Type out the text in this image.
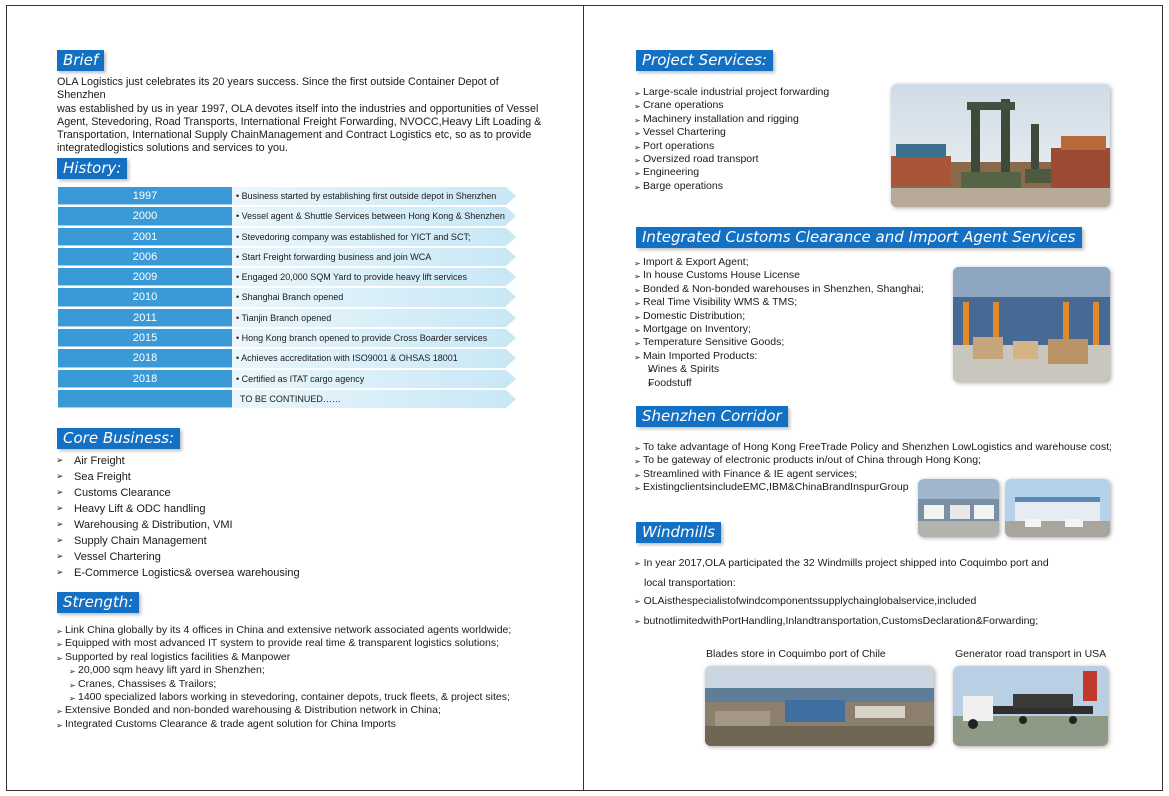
Brief
OLA Logistics just celebrates its 20 years success. Since the first outside Container Depot of Shenzhen
was established by us in year 1997, OLA devotes itself into the industries and opportunities of Vessel
Agent, Stevedoring, Road Transports, International Freight Forwarding, NVOCC,Heavy Lift Loading &
Transportation, International Supply ChainManagement and Contract Logistics etc, so as to provide
integratedlogistics solutions and services to you.
History:
1997	• Business started by establishing first outside depot in Shenzhen
2000	• Vessel agent & Shuttle Services between Hong Kong & Shenzhen
2001	• Stevedoring company was established for YICT and SCT;
2006	• Start Freight forwarding business and join WCA
2009	• Engaged 20,000 SQM Yard to provide heavy lift services
2010	• Shanghai Branch opened
2011	• Tianjin Branch opened
2015	• Hong Kong branch opened to provide Cross Boarder services
2018	• Achieves accreditation with ISO9001 & OHSAS 18001
2018	• Certified as ITAT cargo agency
TO BE CONTINUED……
Core Business:
➢ Air Freight
➢ Sea Freight
➢ Customs Clearance
➢ Heavy Lift & ODC handling
➢ Warehousing & Distribution, VMI
➢ Supply Chain Management
➢ Vessel Chartering
➢ E-Commerce Logistics& oversea warehousing
Strength:
➢ Link China globally by its 4 offices in China and extensive network associated agents worldwide;
➢ Equipped with most advanced IT system to provide real time & transparent logistics solutions;
➢ Supported by real logistics facilities & Manpower
➢ 20,000 sqm heavy lift yard in Shenzhen;
➢ Cranes, Chassises & Trailors;
➢ 1400 specialized labors working in stevedoring, container depots, truck fleets, & project sites;
➢ Extensive Bonded and non-bonded warehousing & Distribution network in China;
➢ Integrated Customs Clearance & trade agent solution for China Imports
Project Services:
➢ Large-scale industrial project forwarding
➢ Crane operations
➢ Machinery installation and rigging
➢ Vessel Chartering
➢ Port operations
➢ Oversized road transport
➢ Engineering
➢ Barge operations
Integrated Customs Clearance and Import Agent Services
➢ Import & Export Agent;
➢ In house Customs House License
➢ Bonded & Non-bonded warehouses in Shenzhen, Shanghai;
➢ Real Time Visibility WMS & TMS;
➢ Domestic Distribution;
➢ Mortgage on Inventory;
➢ Temperature Sensitive Goods;
➢ Main Imported Products:
➢ Wines & Spirits
➢ Foodstuff
Shenzhen Corridor
➢ To take advantage of Hong Kong FreeTrade Policy and Shenzhen LowLogistics and warehouse cost;
➢ To be gateway of electronic products in/out of China through Hong Kong;
➢ Streamlined with Finance & IE agent services;
➢ ExistingclientsincludeEMC,IBM&ChinaBrandInspurGroup
Windmills
➢ In year 2017,OLA participated the 32 Windmills project shipped into Coquimbo port and
local transportation:
➢ OLAisthespecialistofwindcomponentssupplychainglobalservice,included
➢ butnotlimitedwithPortHandling,Inlandtransportation,CustomsDeclaration&Forwarding;
Blades store in Coquimbo port of Chile	Generator road transport in USA
